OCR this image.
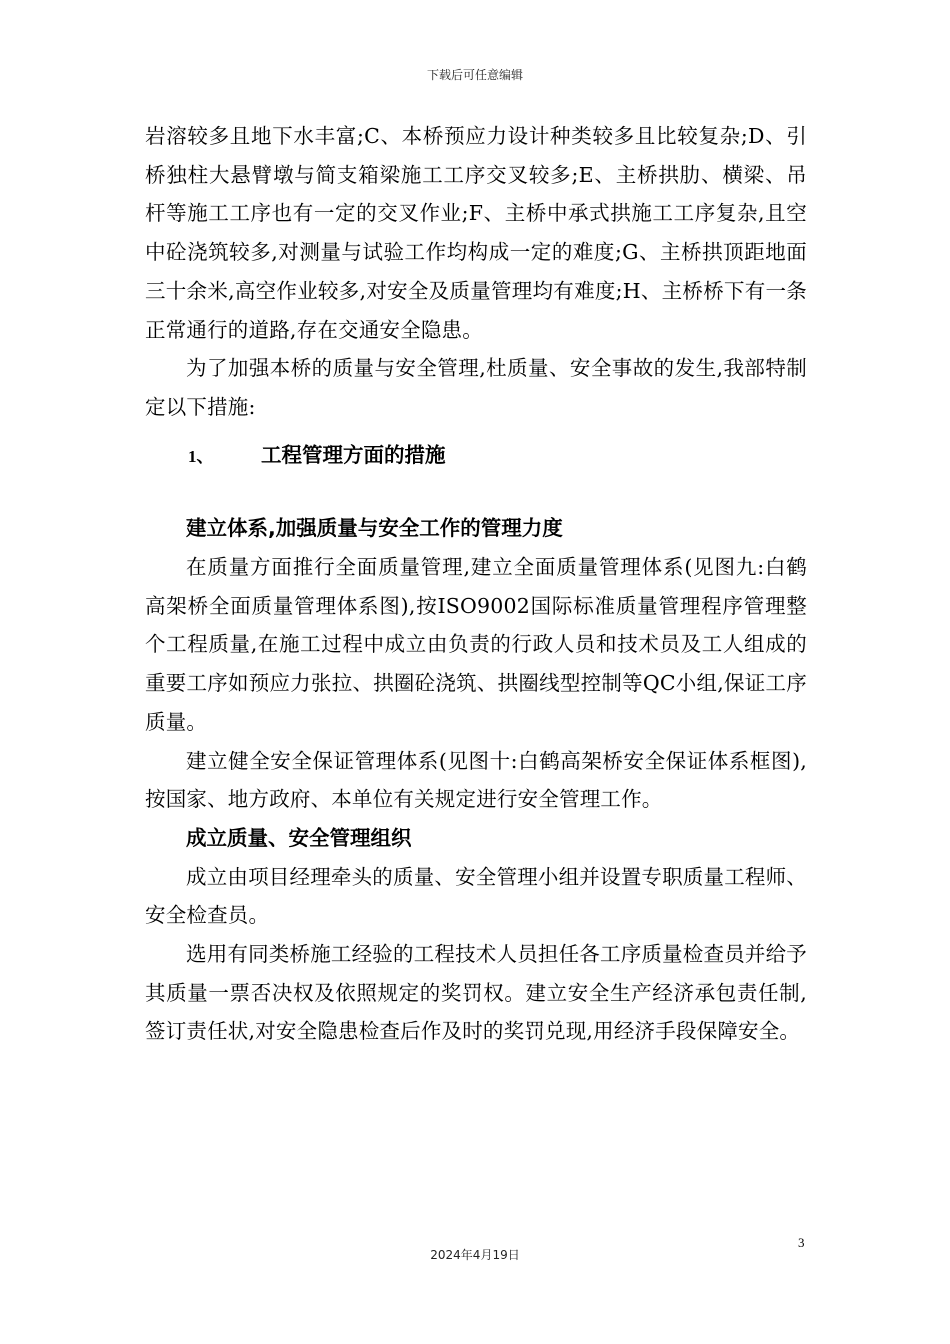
下载后可任意编辑

岩溶较多且地下水丰富;C、本桥预应力设计种类较多且比较复杂;D、引桥独柱大悬臂墩与简支箱梁施工工序交叉较多;E、主桥拱肋、横梁、吊杆等施工工序也有一定的交叉作业;F、主桥中承式拱施工工序复杂,且空中砼浇筑较多,对测量与试验工作均构成一定的难度;G、主桥拱顶距地面三十余米,高空作业较多,对安全及质量管理均有难度;H、主桥桥下有一条正常通行的道路,存在交通安全隐患。

为了加强本桥的质量与安全管理,杜质量、安全事故的发生,我部特制定以下措施:

1、 工程管理方面的措施

建立体系,加强质量与安全工作的管理力度

在质量方面推行全面质量管理,建立全面质量管理体系(见图九:白鹤高架桥全面质量管理体系图),按ISO9002国际标准质量管理程序管理整个工程质量,在施工过程中成立由负责的行政人员和技术员及工人组成的重要工序如预应力张拉、拱圈砼浇筑、拱圈线型控制等QC小组,保证工序质量。

建立健全安全保证管理体系(见图十:白鹤高架桥安全保证体系框图),按国家、地方政府、本单位有关规定进行安全管理工作。

成立质量、安全管理组织

成立由项目经理牵头的质量、安全管理小组并设置专职质量工程师、安全检查员。

选用有同类桥施工经验的工程技术人员担任各工序质量检查员并给予其质量一票否决权及依照规定的奖罚权。建立安全生产经济承包责任制,签订责任状,对安全隐患检查后作及时的奖罚兑现,用经济手段保障安全。

3
2024年4月19日
